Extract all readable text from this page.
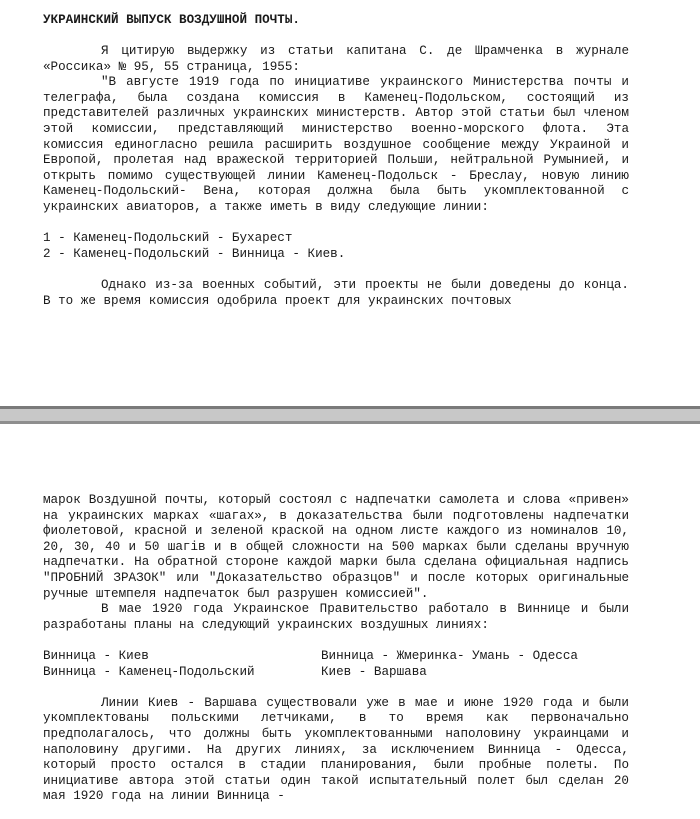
УКРАИНСКИЙ ВЫПУСК ВОЗДУШНОЙ ПОЧТЫ.

Я цитирую выдержку из статьи капитана С. де Шрамченка в журнале «Россика» № 95, 55 страница, 1955:

"В августе 1919 года по инициативе украинского Министерства почты и телеграфа, была создана комиссия в Каменец-Подольском, состоящий из представителей различных украинских министерств. Автор этой статьи был членом этой комиссии, представляющий министерство военно-морского флота. Эта комиссия единогласно решила расширить воздушное сообщение между Украиной и Европой, пролетая над вражеской территорией Польши, нейтральной Румынией, и открыть помимо существующей линии Каменец-Подольск - Бреслау, новую линию Каменец-Подольский- Вена, которая должна была быть укомплектованной с украинских авиаторов, а также иметь в виду следующие линии:

1 - Каменец-Подольский - Бухарест
2 - Каменец-Подольский - Винница - Киев.

Однако из-за военных событий, эти проекты не были доведены до конца. В то же время комиссия одобрила проект для украинских почтовых

марок Воздушной почты, который состоял с надпечатки самолета и слова «привен» на украинских марках «шагах», в доказательства были подготовлены надпечатки фиолетовой, красной и зеленой краской на одном листе каждого из номиналов 10, 20, 30, 40 и 50 шагiв и в общей сложности на 500 марках были сделаны вручную надпечатки. На обратной стороне каждой марки была сделана официальная надпись "ПРОБНИЙ ЗРАЗОК" или "Доказательство образцов" и после которых оригинальные ручные штемпеля надпечаток был разрушен комиссией".

В мае 1920 года Украинское Правительство работало в Виннице и были разработаны планы на следующий украинских воздушных линиях:

Винница - Киев	Винница - Жмеринка- Умань - Одесса
Винница - Каменец-Подольский	Киев - Варшава

Линии Киев - Варшава существовали уже в мае и июне 1920 года и были укомплектованы польскими летчиками, в то время как первоначально предполагалось, что должны быть укомплектованными наполовину украинцами и наполовину другими. На других линиях, за исключением Винница - Одесса, который просто остался в стадии планирования, были пробные полеты. По инициативе автора этой статьи один такой испытательный полет был сделан 20 мая 1920 года на линии Винница -
